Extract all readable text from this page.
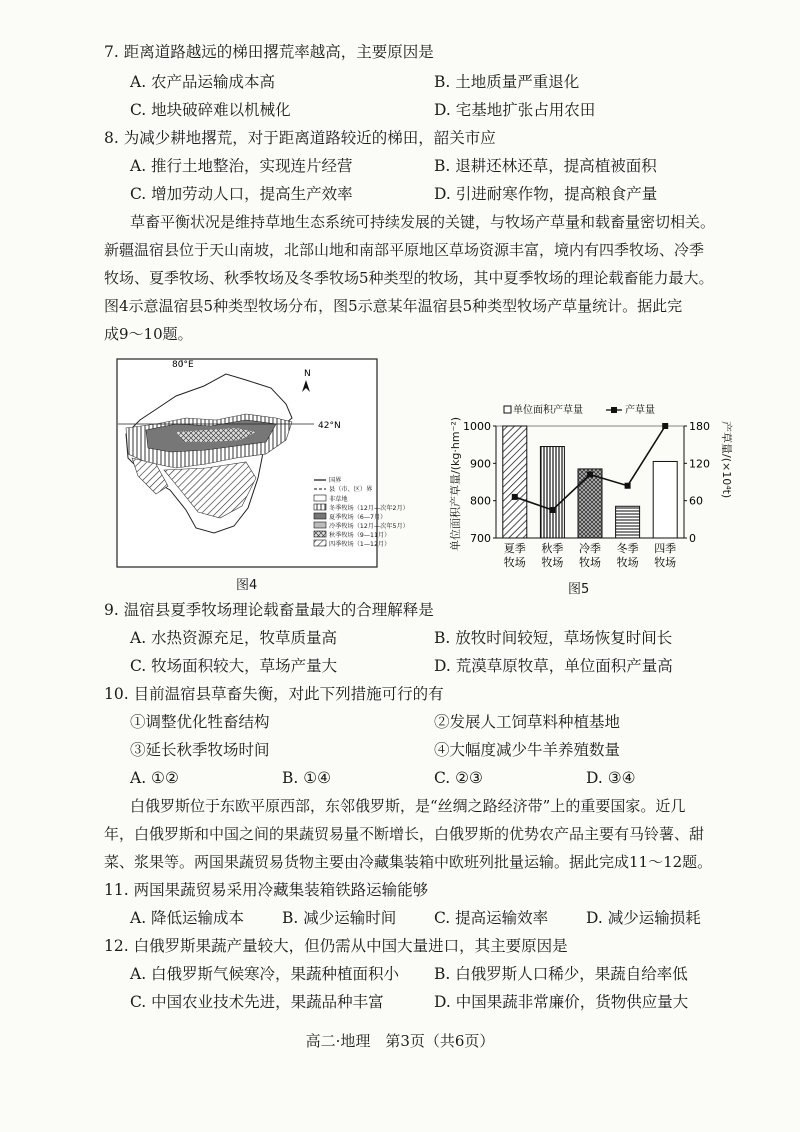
7. 距离道路越远的梯田撂荒率越高，主要原因是
A. 农产品运输成本高	B. 土地质量严重退化
C. 地块破碎难以机械化	D. 宅基地扩张占用农田
8. 为减少耕地撂荒，对于距离道路较近的梯田，韶关市应
A. 推行土地整治，实现连片经营	B. 退耕还林还草，提高植被面积
C. 增加劳动人口，提高生产效率	D. 引进耐寒作物，提高粮食产量
草畜平衡状况是维持草地生态系统可持续发展的关键，与牧场产草量和载畜量密切相关。
新疆温宿县位于天山南坡，北部山地和南部平原地区草场资源丰富，境内有四季牧场、冷季
牧场、夏季牧场、秋季牧场及冬季牧场5种类型的牧场，其中夏季牧场的理论载畜能力最大。
图4示意温宿县5种类型牧场分布，图5示意某年温宿县5种类型牧场产草量统计。据此完
成9～10题。
42°N
80°E
N
国界
县（市、区）界
非草地
冬季牧场（12月—次年2月）
夏季牧场（6—7月）
冷季牧场（12月—次年5月）
秋季牧场（9—11月）
四季牧场（1—12月）
图4
700
800
900
1000
0
60
120
180
夏季
牧场
秋季
牧场
冷季
牧场
冬季
牧场
四季
牧场
单位面积产草量	产草量
单位面积产草量/(kg·hm⁻²)	产草量/(×10⁴t)
图5
9. 温宿县夏季牧场理论载畜量最大的合理解释是
A. 水热资源充足，牧草质量高	B. 放牧时间较短，草场恢复时间长
C. 牧场面积较大，草场产量大	D. 荒漠草原牧草，单位面积产量高
10. 目前温宿县草畜失衡，对此下列措施可行的有
①调整优化牲畜结构	②发展人工饲草料种植基地
③延长秋季牧场时间	④大幅度减少牛羊养殖数量
A. ①②	B. ①④	C. ②③	D. ③④
白俄罗斯位于东欧平原西部，东邻俄罗斯，是“丝绸之路经济带”上的重要国家。近几
年，白俄罗斯和中国之间的果蔬贸易量不断增长，白俄罗斯的优势农产品主要有马铃薯、甜
菜、浆果等。两国果蔬贸易货物主要由冷藏集装箱中欧班列批量运输。据此完成11～12题。
11. 两国果蔬贸易采用冷藏集装箱铁路运输能够
A. 降低运输成本 B. 减少运输时间 C. 提高运输效率 D. 减少运输损耗
12. 白俄罗斯果蔬产量较大，但仍需从中国大量进口，其主要原因是
A. 白俄罗斯气候寒冷，果蔬种植面积小 B. 白俄罗斯人口稀少，果蔬自给率低
C. 中国农业技术先进，果蔬品种丰富	D. 中国果蔬非常廉价，货物供应量大
高二·地理　第3页（共6页）
